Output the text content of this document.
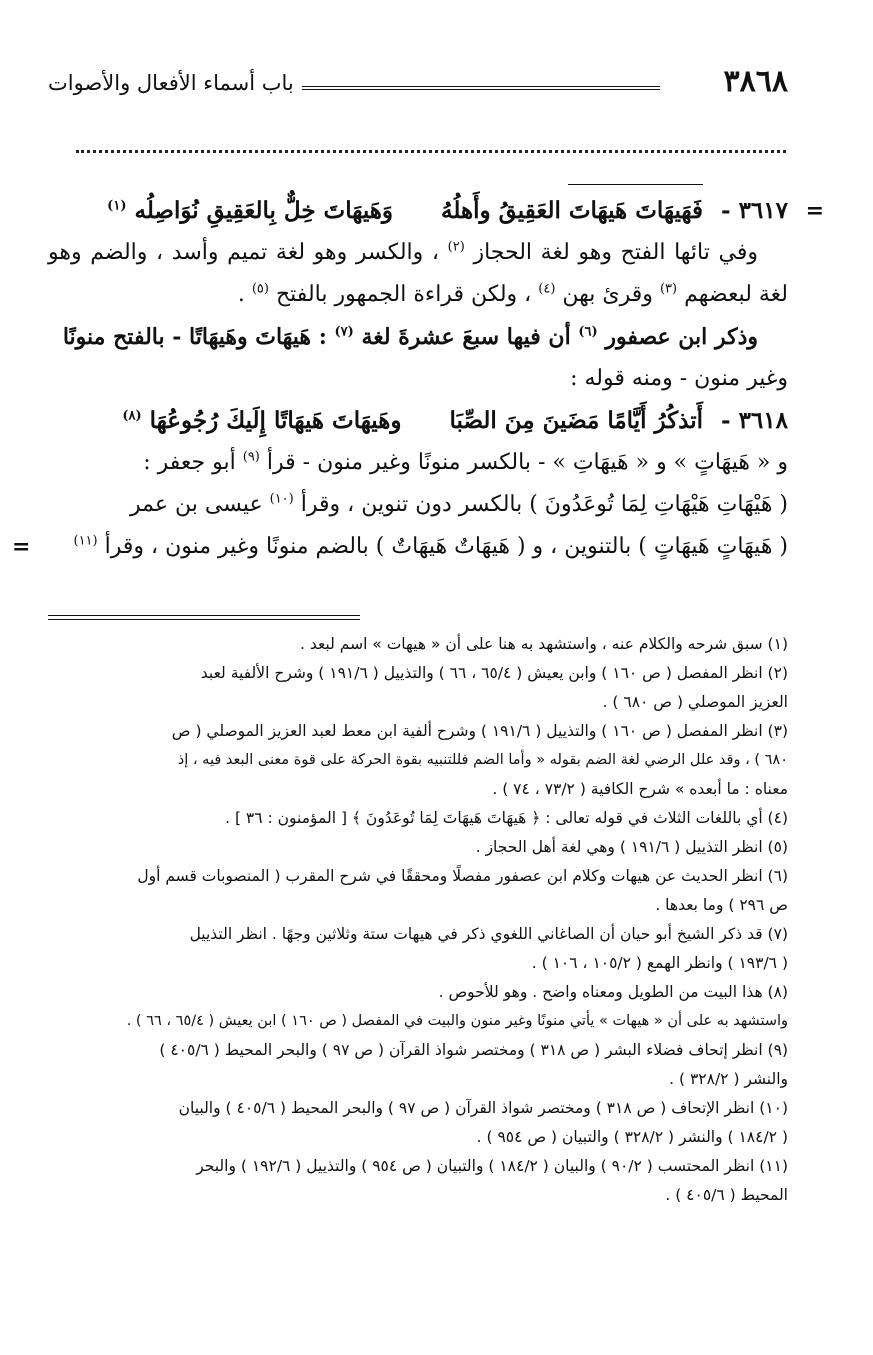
٣٨٦٨
باب أسماء الأفعال والأصوات
=
٣٦١٧ - فَهَيهَاتَ هَيهَاتَ العَقِيقُ وأَهلُهُ وَهَيهَاتَ خِلٌّ بِالعَقِيقِ نُوَاصِلُه $^{(١)}$
وفي تائها الفتح وهو لغة الحجاز $^{(٢)}$ ، والكسر وهو لغة تميم وأسد ، والضم وهو
لغة لبعضهم $^{(٣)}$ وقرئ بهن $^{(٤)}$ ، ولكن قراءة الجمهور بالفتح $^{(٥)}$ .
وذكر ابن عصفور $^{(٦)}$ أن فيها سبعَ عشرةَ لغة $^{(٧)}$ : هَيهَاتَ وهَيهَاتًا - بالفتح منونًا
وغير منون - ومنه قوله :
٣٦١٨ - أَتذكُرُ أَيَّامًا مَضَينَ مِنَ الصِّبَا وهَيهَاتَ هَيهَاتًا إِلَيكَ رُجُوعُهَا $^{(٨)}$
و « هَيهَاتٍ » و « هَيهَاتِ » - بالكسر منونًا وغير منون - قرأ $^{(٩)}$ أبو جعفر :
( هَيْهَاتِ هَيْهَاتِ لِمَا تُوعَدُونَ ) بالكسر دون تنوين ، وقرأ $^{(١٠)}$ عيسى بن عمر
( هَيهَاتٍ هَيهَاتٍ ) بالتنوين ، و ( هَيهَاتٌ هَيهَاتٌ ) بالضم منونًا وغير منون ، وقرأ $^{(١١)}$
=
(١) سبق شرحه والكلام عنه ، واستشهد به هنا على أن « هيهات » اسم لبعد .
(٢) انظر المفصل ( ص ١٦٠ ) وابن يعيش ( ٦٥/٤ ، ٦٦ ) والتذييل ( ١٩١/٦ ) وشرح الألفية لعبد
العزيز الموصلي ( ص ٦٨٠ ) .
(٣) انظر المفصل ( ص ١٦٠ ) والتذييل ( ١٩١/٦ ) وشرح ألفية ابن معط لعبد العزيز الموصلي ( ص
٦٨٠ ) ، وقد علل الرضي لغة الضم بقوله « وأما الضم فللتنبيه بقوة الحركة على قوة معنى البعد فيه ، إذ
معناه : ما أبعده » شرح الكافية ( ٧٣/٢ ، ٧٤ ) .
(٤) أي باللغات الثلاث في قوله تعالى : ﴿ هَيهَاتَ هَيهَاتَ لِمَا تُوعَدُونَ ﴾ [ المؤمنون : ٣٦ ] .
(٥) انظر التذييل ( ١٩١/٦ ) وهي لغة أهل الحجاز .
(٦) انظر الحديث عن هيهات وكلام ابن عصفور مفصلًا ومحققًا في شرح المقرب ( المنصوبات قسم أول
ص ٢٩٦ ) وما بعدها .
(٧) قد ذكر الشيخ أبو حيان أن الصاغاني اللغوي ذكر في هيهات ستة وثلاثين وجهًا . انظر التذييل
( ١٩٣/٦ ) وانظر الهمع ( ١٠٥/٢ ، ١٠٦ ) .
(٨) هذا البيت من الطويل ومعناه واضح . وهو للأحوص .
واستشهد به على أن « هيهات » يأتي منونًا وغير منون والبيت في المفصل ( ص ١٦٠ ) ابن يعيش ( ٦٥/٤ ، ٦٦ ) .
(٩) انظر إتحاف فضلاء البشر ( ص ٣١٨ ) ومختصر شواذ القرآن ( ص ٩٧ ) والبحر المحيط ( ٤٠٥/٦ )
والنشر ( ٣٢٨/٢ ) .
(١٠) انظر الإتحاف ( ص ٣١٨ ) ومختصر شواذ القرآن ( ص ٩٧ ) والبحر المحيط ( ٤٠٥/٦ ) والبيان
( ١٨٤/٢ ) والنشر ( ٣٢٨/٢ ) والتبيان ( ص ٩٥٤ ) .
(١١) انظر المحتسب ( ٩٠/٢ ) والبيان ( ١٨٤/٢ ) والتبيان ( ص ٩٥٤ ) والتذييل ( ١٩٢/٦ ) والبحر
المحيط ( ٤٠٥/٦ ) .
